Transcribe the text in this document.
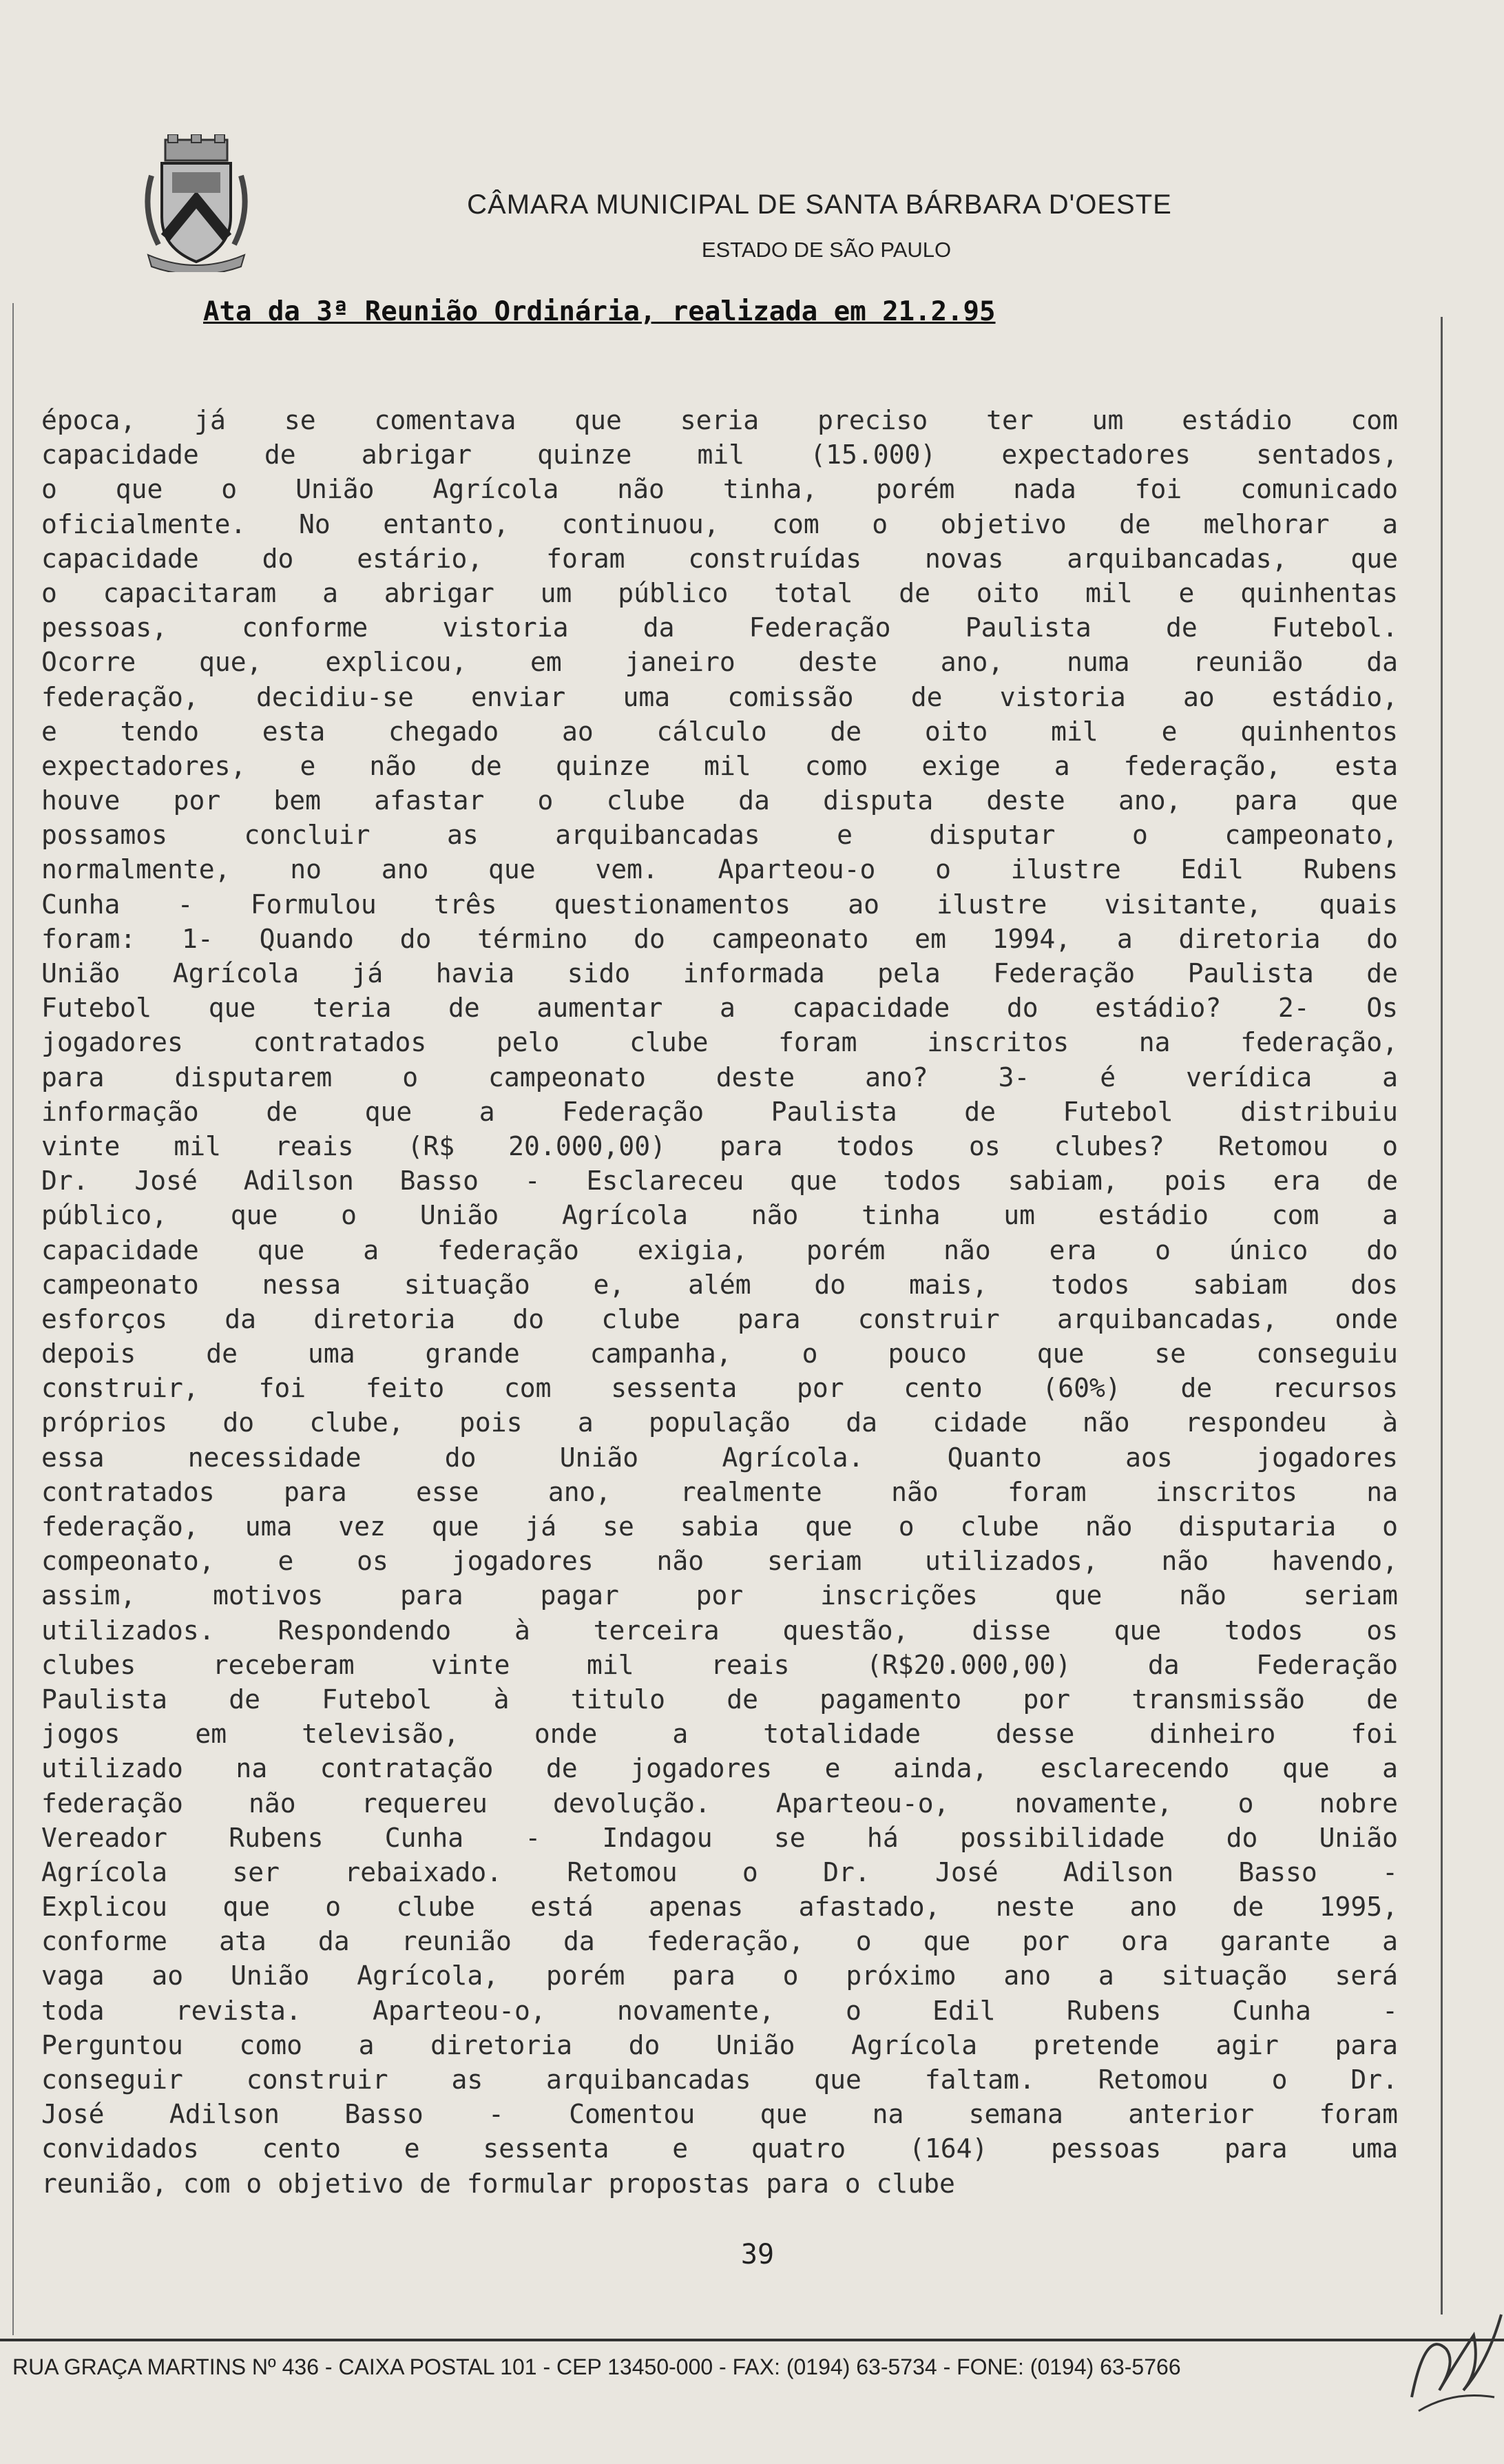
CÂMARA MUNICIPAL DE SANTA BÁRBARA D'OESTE
ESTADO DE SÃO PAULO
Ata da 3ª Reunião Ordinária, realizada em 21.2.95
época, já se comentava que seria preciso ter um estádio com
capacidade de abrigar quinze mil (15.000) expectadores sentados,
o que o União Agrícola não tinha, porém nada foi comunicado
oficialmente. No entanto, continuou, com o objetivo de melhorar a
capacidade do estário, foram construídas novas arquibancadas, que
o capacitaram a abrigar um público total de oito mil e quinhentas
pessoas, conforme vistoria da Federação Paulista de Futebol.
Ocorre que, explicou, em janeiro deste ano, numa reunião da
federação, decidiu-se enviar uma comissão de vistoria ao estádio,
e tendo esta chegado ao cálculo de oito mil e quinhentos
expectadores, e não de quinze mil como exige a federação, esta
houve por bem afastar o clube da disputa deste ano, para que
possamos concluir as arquibancadas e disputar o campeonato,
normalmente, no ano que vem. Aparteou-o o ilustre Edil Rubens
Cunha - Formulou três questionamentos ao ilustre visitante, quais
foram: 1- Quando do término do campeonato em 1994, a diretoria do
União Agrícola já havia sido informada pela Federação Paulista de
Futebol que teria de aumentar a capacidade do estádio? 2- Os
jogadores contratados pelo clube foram inscritos na federação,
para disputarem o campeonato deste ano? 3- é verídica a
informação de que a Federação Paulista de Futebol distribuiu
vinte mil reais (R$ 20.000,00) para todos os clubes? Retomou o
Dr. José Adilson Basso - Esclareceu que todos sabiam, pois era de
público, que o União Agrícola não tinha um estádio com a
capacidade que a federação exigia, porém não era o único do
campeonato nessa situação e, além do mais, todos sabiam dos
esforços da diretoria do clube para construir arquibancadas, onde
depois de uma grande campanha, o pouco que se conseguiu
construir, foi feito com sessenta por cento (60%) de recursos
próprios do clube, pois a população da cidade não respondeu à
essa necessidade do União Agrícola. Quanto aos jogadores
contratados para esse ano, realmente não foram inscritos na
federação, uma vez que já se sabia que o clube não disputaria o
compeonato, e os jogadores não seriam utilizados, não havendo,
assim, motivos para pagar por inscrições que não seriam
utilizados. Respondendo à terceira questão, disse que todos os
clubes receberam vinte mil reais (R$20.000,00) da Federação
Paulista de Futebol à titulo de pagamento por transmissão de
jogos em televisão, onde a totalidade desse dinheiro foi
utilizado na contratação de jogadores e ainda, esclarecendo que a
federação não requereu devolução. Aparteou-o, novamente, o nobre
Vereador Rubens Cunha - Indagou se há possibilidade do União
Agrícola ser rebaixado. Retomou o Dr. José Adilson Basso -
Explicou que o clube está apenas afastado, neste ano de 1995,
conforme ata da reunião da federação, o que por ora garante a
vaga ao União Agrícola, porém para o próximo ano a situação será
toda revista. Aparteou-o, novamente, o Edil Rubens Cunha -
Perguntou como a diretoria do União Agrícola pretende agir para
conseguir construir as arquibancadas que faltam. Retomou o Dr.
José Adilson Basso - Comentou que na semana anterior foram
convidados cento e sessenta e quatro (164) pessoas para uma
reunião, com o objetivo de formular propostas para o clube
39
RUA GRAÇA MARTINS Nº 436 - CAIXA POSTAL 101 - CEP 13450-000 - FAX: (0194) 63-5734 - FONE: (0194) 63-5766
